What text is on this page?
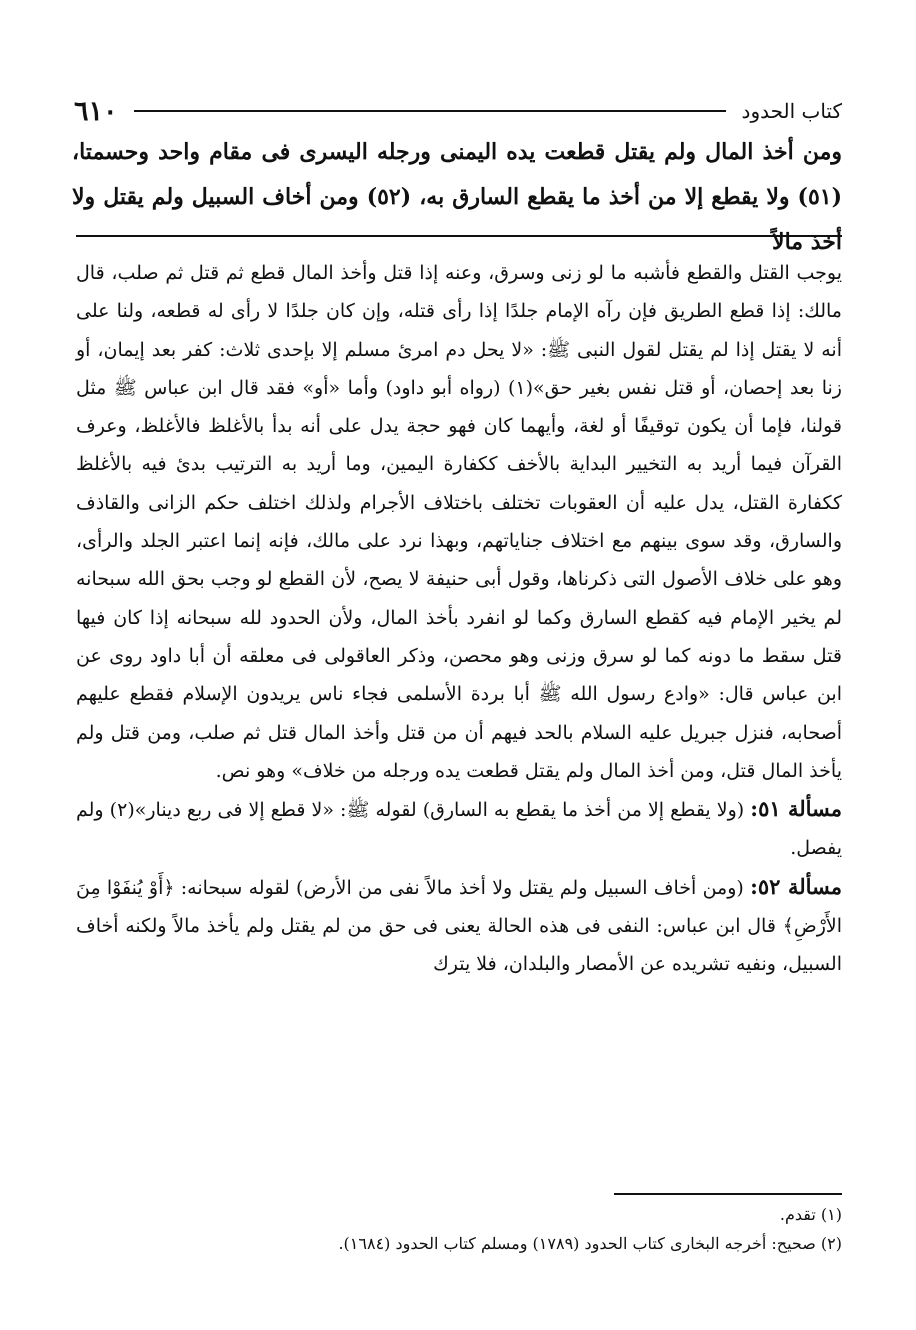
كتاب الحدود
٦١٠
ومن أخذ المال ولم يقتل قطعت يده اليمنى ورجله اليسرى فى مقام واحد وحسمتا، (٥١) ولا يقطع إلا من أخذ ما يقطع السارق به، (٥٢) ومن أخاف السبيل ولم يقتل ولا أخذ مالاً

يوجب القتل والقطع فأشبه ما لو زنى وسرق، وعنه إذا قتل وأخذ المال قطع ثم قتل ثم صلب، قال مالك: إذا قطع الطريق فإن رآه الإمام جلدًا إذا رأى قتله، وإن كان جلدًا لا رأى له قطعه، ولنا على أنه لا يقتل إذا لم يقتل لقول النبى ﷺ: «لا يحل دم امرئ مسلم إلا بإحدى ثلاث: كفر بعد إيمان، أو زنا بعد إحصان، أو قتل نفس بغير حق»(١) (رواه أبو داود) وأما «أو» فقد قال ابن عباس ﷺ مثل قولنا، فإما أن يكون توقيفًا أو لغة، وأيهما كان فهو حجة يدل على أنه بدأ بالأغلظ فالأغلظ، وعرف القرآن فيما أريد به التخيير البداية بالأخف ككفارة اليمين، وما أريد به الترتيب بدئ فيه بالأغلظ ككفارة القتل، يدل عليه أن العقوبات تختلف باختلاف الأجرام ولذلك اختلف حكم الزانى والقاذف والسارق، وقد سوى بينهم مع اختلاف جناياتهم، وبهذا نرد على مالك، فإنه إنما اعتبر الجلد والرأى، وهو على خلاف الأصول التى ذكرناها، وقول أبى حنيفة لا يصح، لأن القطع لو وجب بحق الله سبحانه لم يخير الإمام فيه كقطع السارق وكما لو انفرد بأخذ المال، ولأن الحدود لله سبحانه إذا كان فيها قتل سقط ما دونه كما لو سرق وزنى وهو محصن، وذكر العاقولى فى معلقه أن أبا داود روى عن ابن عباس قال: «وادع رسول الله ﷺ أبا بردة الأسلمى فجاء ناس يريدون الإسلام فقطع عليهم أصحابه، فنزل جبريل عليه السلام بالحد فيهم أن من قتل وأخذ المال قتل ثم صلب، ومن قتل ولم يأخذ المال قتل، ومن أخذ المال ولم يقتل قطعت يده ورجله من خلاف» وهو نص.

مسألة ٥١: (ولا يقطع إلا من أخذ ما يقطع به السارق) لقوله ﷺ: «لا قطع إلا فى ربع دينار»(٢) ولم يفصل.

مسألة ٥٢: (ومن أخاف السبيل ولم يقتل ولا أخذ مالاً نفى من الأرض) لقوله سبحانه: ﴿أَوْ يُنفَوْا مِنَ الأَرْضِ﴾ قال ابن عباس: النفى فى هذه الحالة يعنى فى حق من لم يقتل ولم يأخذ مالاً ولكنه أخاف السبيل، ونفيه تشريده عن الأمصار والبلدان، فلا يترك

(١) تقدم.

(٢) صحيح: أخرجه البخارى كتاب الحدود (١٧٨٩) ومسلم كتاب الحدود (١٦٨٤).
